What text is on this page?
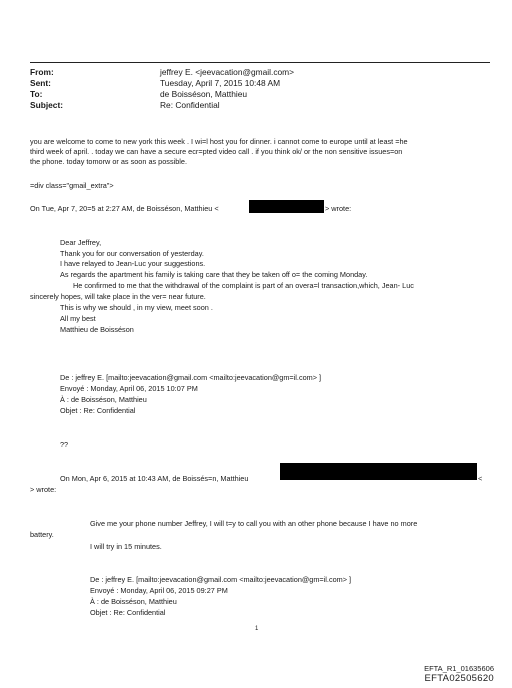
From:	jeffrey E. <jeevacation@gmail.com>
Sent:	Tuesday, April 7, 2015 10:48 AM
To:	de Boisséson, Matthieu
Subject:	Re: Confidential
you are welcome to come to new york this week . I wi=l host you for dinner. i cannot come to europe until at least =he
third week of april. . today we can have a secure ecr=pted video call . if you think ok/ or the non sensitive issues=on
the phone. today tomorw or as soon as possible.
=div class="gmail_extra">
On Tue, Apr 7, 20=5 at 2:27 AM, de Boisséson, Matthieu <	> wrote:
Dear Jeffrey,
Thank you for our conversation of yesterday.
I have relayed to Jean-Luc your suggestions.
As regards the apartment his family is taking care that they be taken off o= the coming Monday.
He confirmed to me that the withdrawal of the complaint is part of an overa=l transaction,which, Jean- Luc
sincerely hopes, will take place in the ver= near future.
This is why we should , in my view, meet soon .
All my best
Matthieu de Boisséson
De : jeffrey E. [mailto:jeevacation@gmail.com <mailto:jeevacation@gm=il.com> ]
Envoyé : Monday, April 06, 2015 10:07 PM
À : de Boisséson, Matthieu
Objet : Re: Confidential
??
On Mon, Apr 6, 2015 at 10:43 AM, de Boissés=n, Matthieu	<
> wrote:
Give me your phone number Jeffrey, I will t=y to call you with an other phone because I have no more
battery.
I will try in 15 minutes.
De : jeffrey E. [mailto:jeevacation@gmail.com <mailto:jeevacation@gm=il.com> ]
Envoyé : Monday, April 06, 2015 09:27 PM
À : de Boisséson, Matthieu
Objet : Re: Confidential
1
EFTA_R1_01635606
EFTA02505620
